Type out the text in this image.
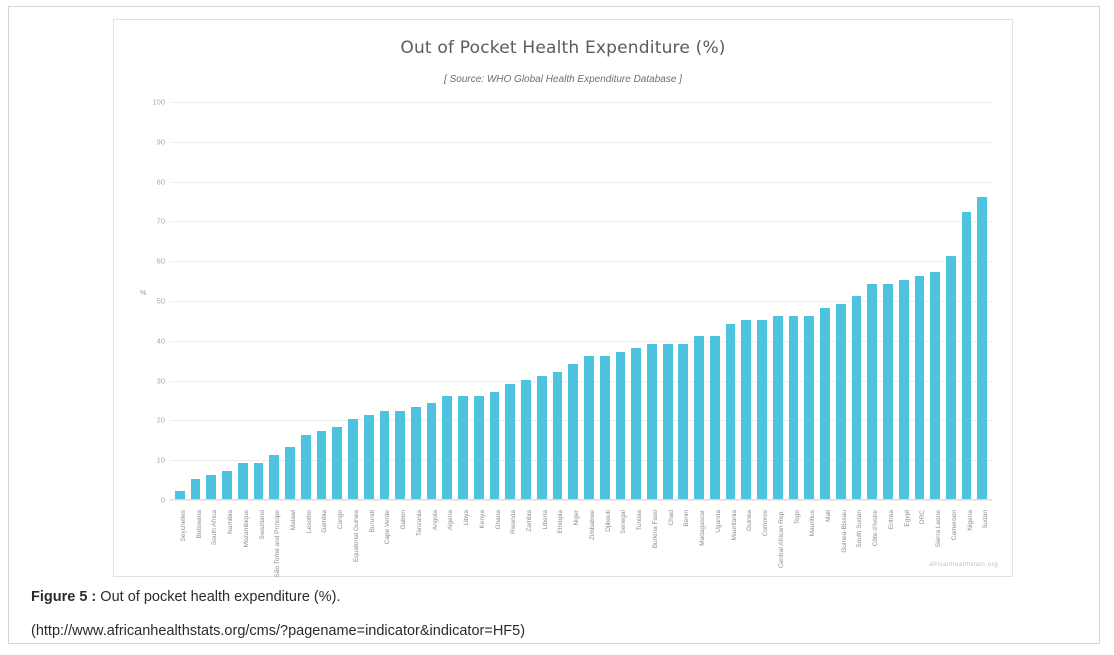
Out of Pocket Health Expenditure (%)
[ Source: WHO Global Health Expenditure Database ]
%
0
10
20
30
40
50
60
70
80
90
100
Seychelles Botswana South Africa Namibia Mozambique Swaziland São Tomé and Príncipe Malawi Lesotho Gambia Congo Equatorial Guinea Burundi Cape Verde Gabon Tanzania Angola Algeria Libya Kenya Ghana Rwanda Zambia Liberia Ethiopia Niger Zimbabwe Djibouti Senegal Tunisia Burkina Faso Chad Benin Madagascar Uganda Mauritania Guinea Comoros Central African Rep. Togo Mauritius Mali Guinea-Bissau South Sudan Côte d'Ivoire Eritrea Egypt DRC Sierra Leone Cameroon Nigeria Sudan
africanhealthstats.org
Figure 5 : Out of pocket health expenditure (%).
(http://www.africanhealthstats.org/cms/?pagename=indicator&indicator=HF5)
